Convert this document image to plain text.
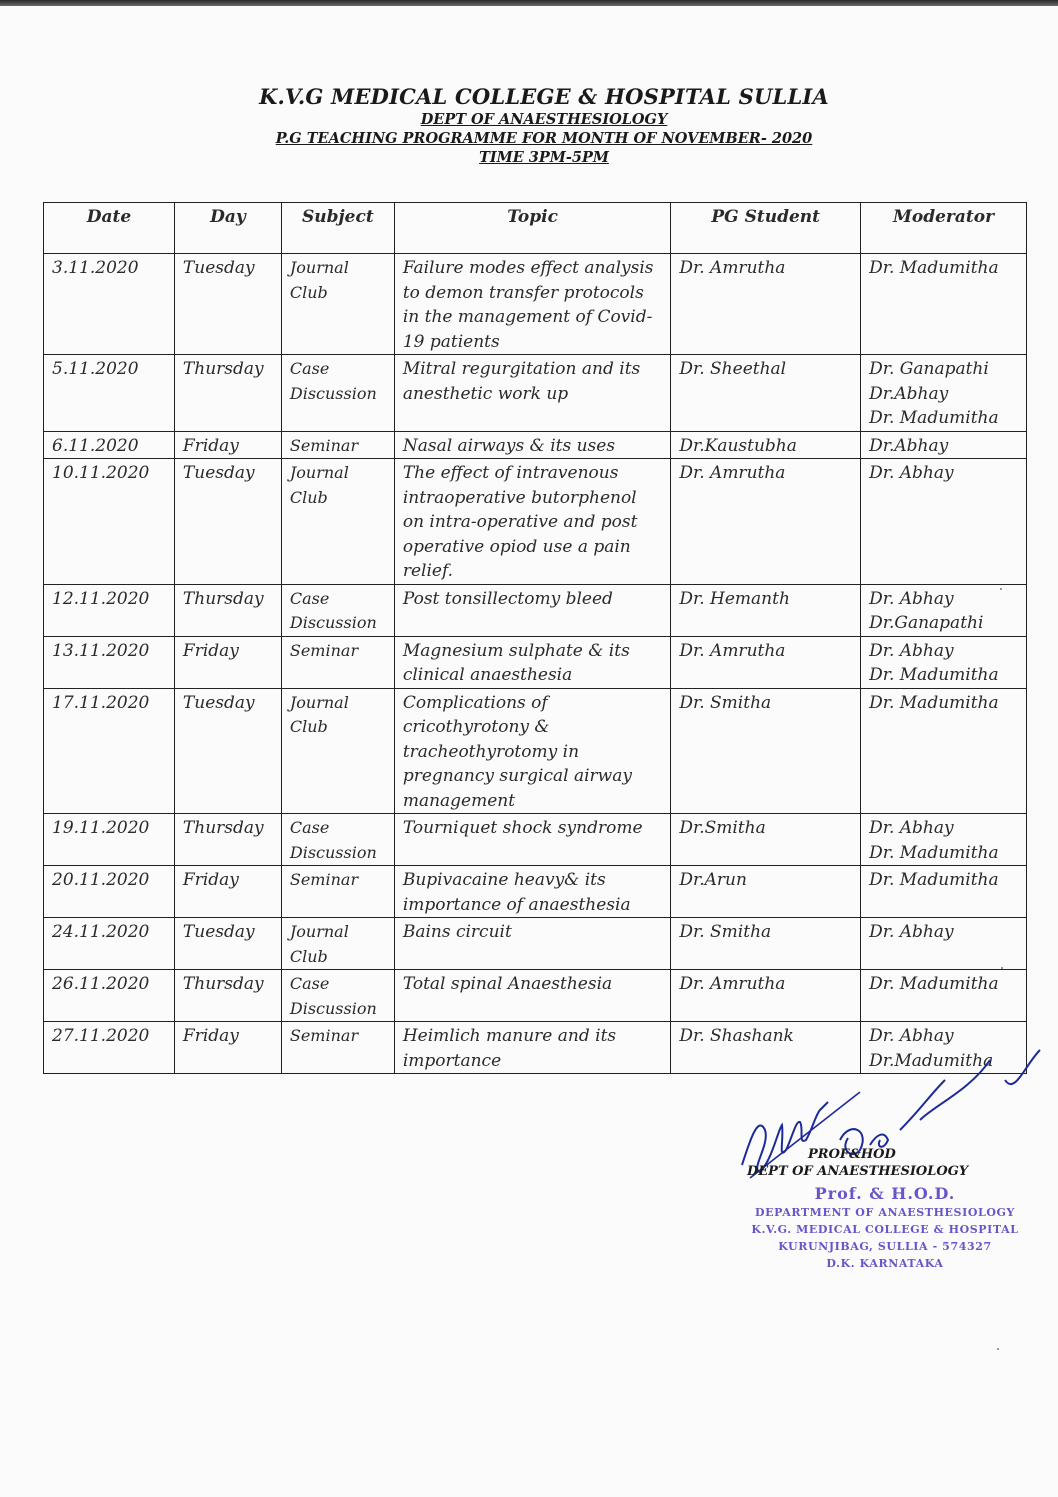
K.V.G MEDICAL COLLEGE & HOSPITAL SULLIA

DEPT OF ANAESTHESIOLOGY

P.G TEACHING PROGRAMME FOR MONTH OF NOVEMBER- 2020

TIME 3PM-5PM

Date	Day	Subject	Topic	PG Student	Moderator
3.11.2020	Tuesday	Journal Club	Failure modes effect analysis to demon transfer protocols in the management of Covid-19 patients	Dr. Amrutha	Dr. Madumitha

5.11.2020	Thursday	Case Discussion	Mitral regurgitation and its anesthetic work up	Dr. Sheethal	Dr. Ganapathi
Dr.Abhay
Dr. Madumitha

6.11.2020	Friday	Seminar	Nasal airways & its uses	Dr.Kaustubha	Dr.Abhay

10.11.2020	Tuesday	Journal Club	The effect of intravenous intraoperative butorphenol on intra-operative and post operative opiod use a pain relief.	Dr. Amrutha	Dr. Abhay

12.11.2020	Thursday	Case Discussion	Post tonsillectomy bleed	Dr. Hemanth	Dr. Abhay
Dr.Ganapathi

13.11.2020	Friday	Seminar	Magnesium sulphate & its clinical anaesthesia	Dr. Amrutha	Dr. Abhay
Dr. Madumitha

17.11.2020	Tuesday	Journal Club	Complications of cricothyrotony & tracheothyrotomy in pregnancy surgical airway management	Dr. Smitha	Dr. Madumitha

19.11.2020	Thursday	Case Discussion	Tourniquet shock syndrome	Dr.Smitha	Dr. Abhay
Dr. Madumitha

20.11.2020	Friday	Seminar	Bupivacaine heavy& its importance of anaesthesia	Dr.Arun	Dr. Madumitha

24.11.2020	Tuesday	Journal Club	Bains circuit	Dr. Smitha	Dr. Abhay

26.11.2020	Thursday	Case Discussion	Total spinal Anaesthesia	Dr. Amrutha	Dr. Madumitha

27.11.2020	Friday	Seminar	Heimlich manure and its importance	Dr. Shashank	Dr. Abhay
Dr.Madumitha

PROF&HOD

DEPT OF ANAESTHESIOLOGY

Prof. & H.O.D.
DEPARTMENT OF ANAESTHESIOLOGY
K.V.G. MEDICAL COLLEGE & HOSPITAL
KURUNJIBAG, SULLIA - 574327
D.K. KARNATAKA
